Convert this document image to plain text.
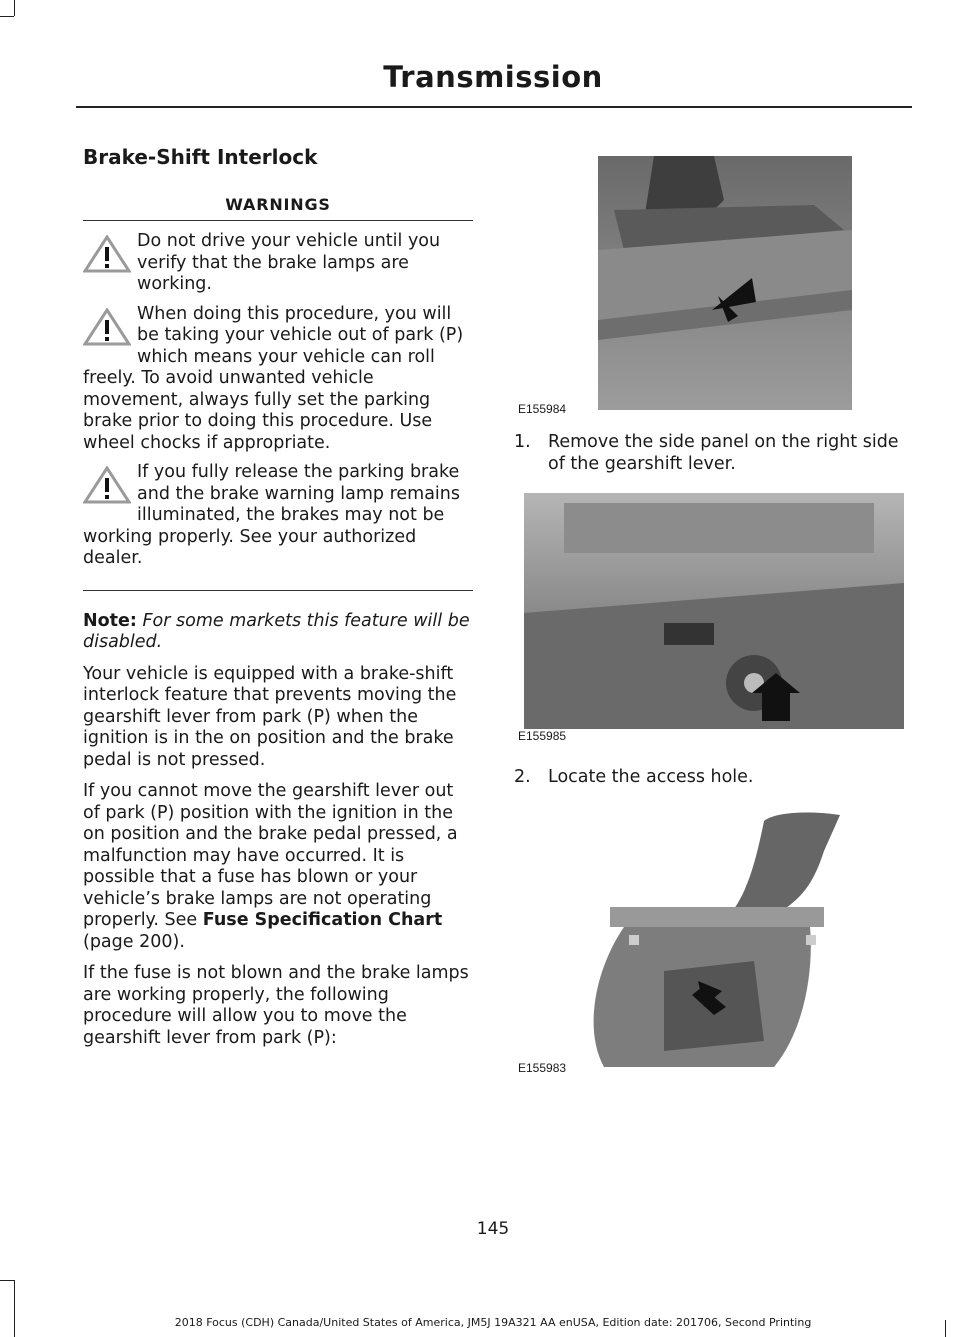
Transmission
Brake-Shift Interlock
WARNINGS
Do not drive your vehicle until you verify that the brake lamps are working.
When doing this procedure, you will be taking your vehicle out of park (P) which means your vehicle can roll freely. To avoid unwanted vehicle movement, always fully set the parking brake prior to doing this procedure. Use wheel chocks if appropriate.
If you fully release the parking brake and the brake warning lamp remains illuminated, the brakes may not be working properly. See your authorized dealer.

Note: For some markets this feature will be disabled.

Your vehicle is equipped with a brake-shift interlock feature that prevents moving the gearshift lever from park (P) when the ignition is in the on position and the brake pedal is not pressed.

If you cannot move the gearshift lever out of park (P) position with the ignition in the on position and the brake pedal pressed, a malfunction may have occurred. It is possible that a fuse has blown or your vehicle’s brake lamps are not operating properly. See Fuse Specification Chart (page 200).

If the fuse is not blown and the brake lamps are working properly, the following procedure will allow you to move the gearshift lever from park (P):

E155984
1. Remove the side panel on the right side of the gearshift lever.
E155985
2. Locate the access hole.
E155983
145
2018 Focus (CDH) Canada/United States of America, JM5J 19A321 AA enUSA, Edition date: 201706, Second Printing
